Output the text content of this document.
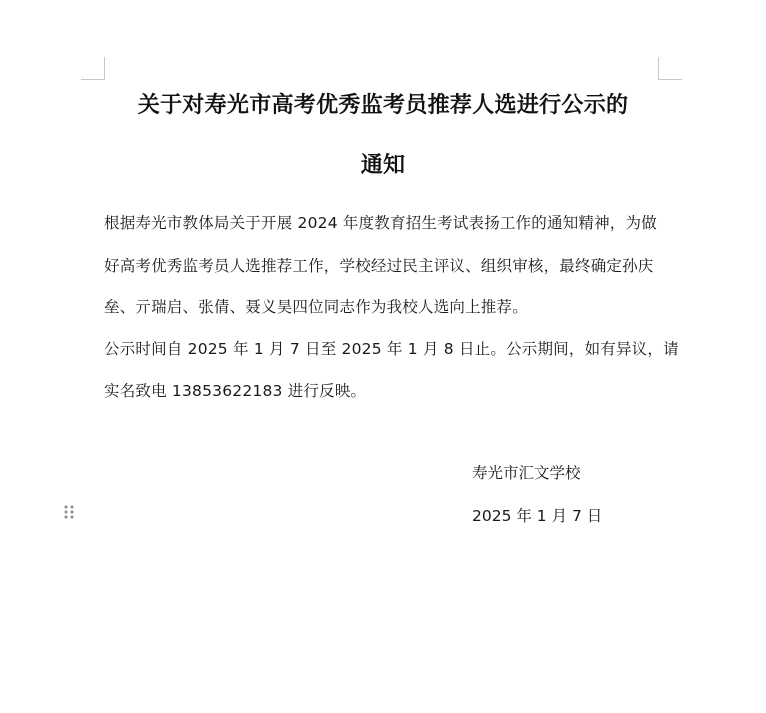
关于对寿光市高考优秀监考员推荐人选进行公示的
通知
根据寿光市教体局关于开展 2024 年度教育招生考试表扬工作的通知精神，为做
好高考优秀监考员人选推荐工作，学校经过民主评议、组织审核，最终确定孙庆
垒、亓瑞启、张倩、聂义昊四位同志作为我校人选向上推荐。
公示时间自 2025 年 1 月 7 日至 2025 年 1 月 8 日止。公示期间，如有异议，请
实名致电 13853622183 进行反映。
寿光市汇文学校
2025 年 1 月 7 日
